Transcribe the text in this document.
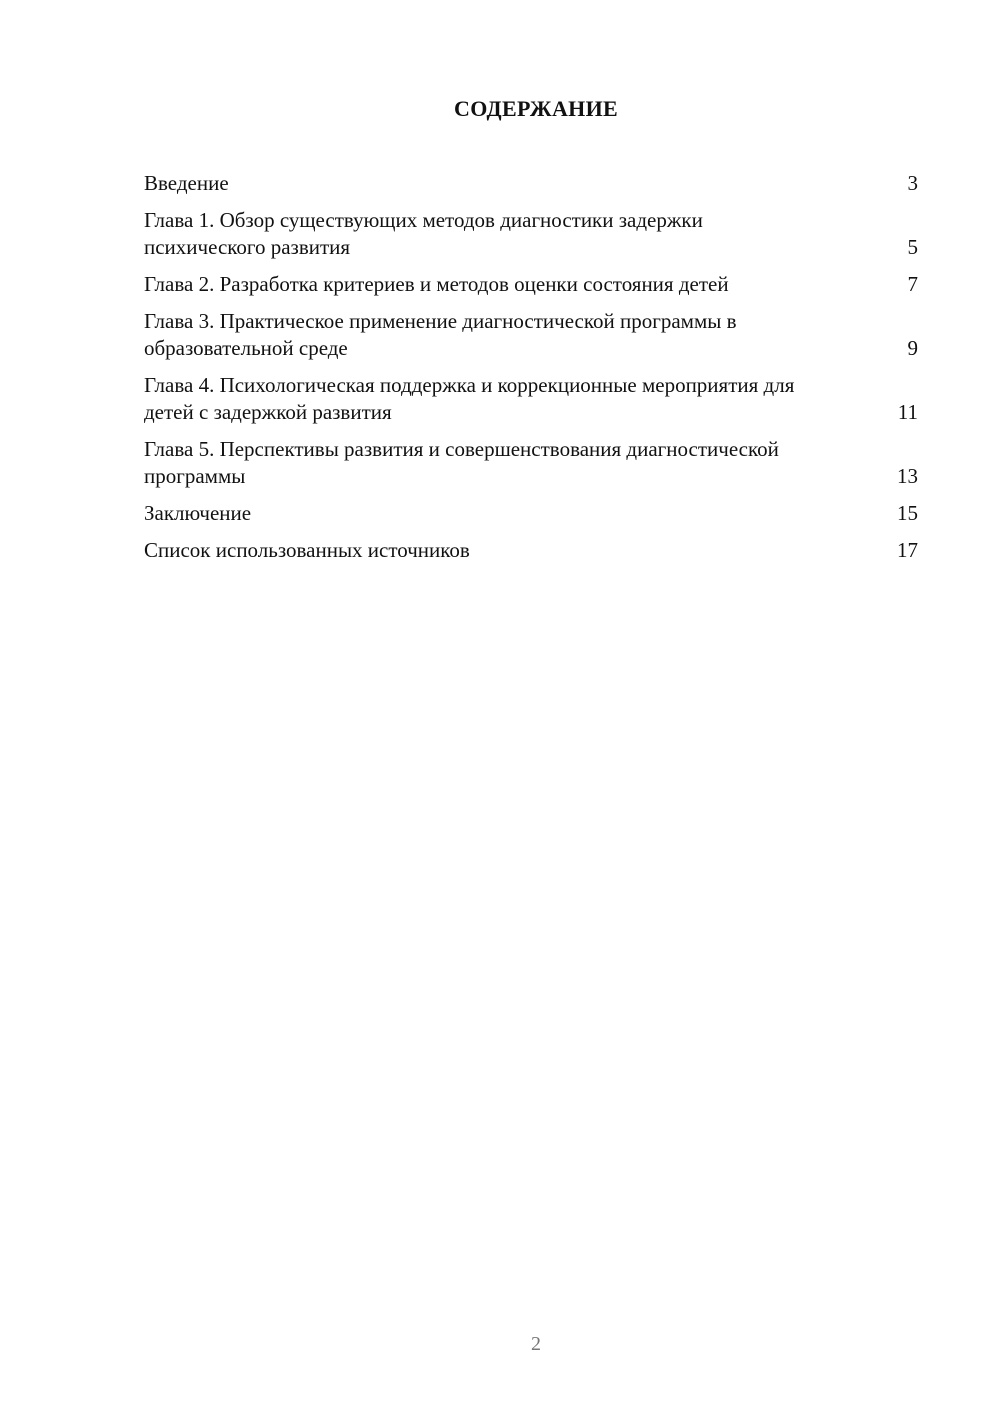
СОДЕРЖАНИЕ
Введение	3
Глава 1. Обзор существующих методов диагностики задержки психического развития	5
Глава 2. Разработка критериев и методов оценки состояния детей	7
Глава 3. Практическое применение диагностической программы в образовательной среде	9
Глава 4. Психологическая поддержка и коррекционные мероприятия для детей с задержкой развития	11
Глава 5. Перспективы развития и совершенствования диагностической программы	13
Заключение	15
Список использованных источников	17
2
